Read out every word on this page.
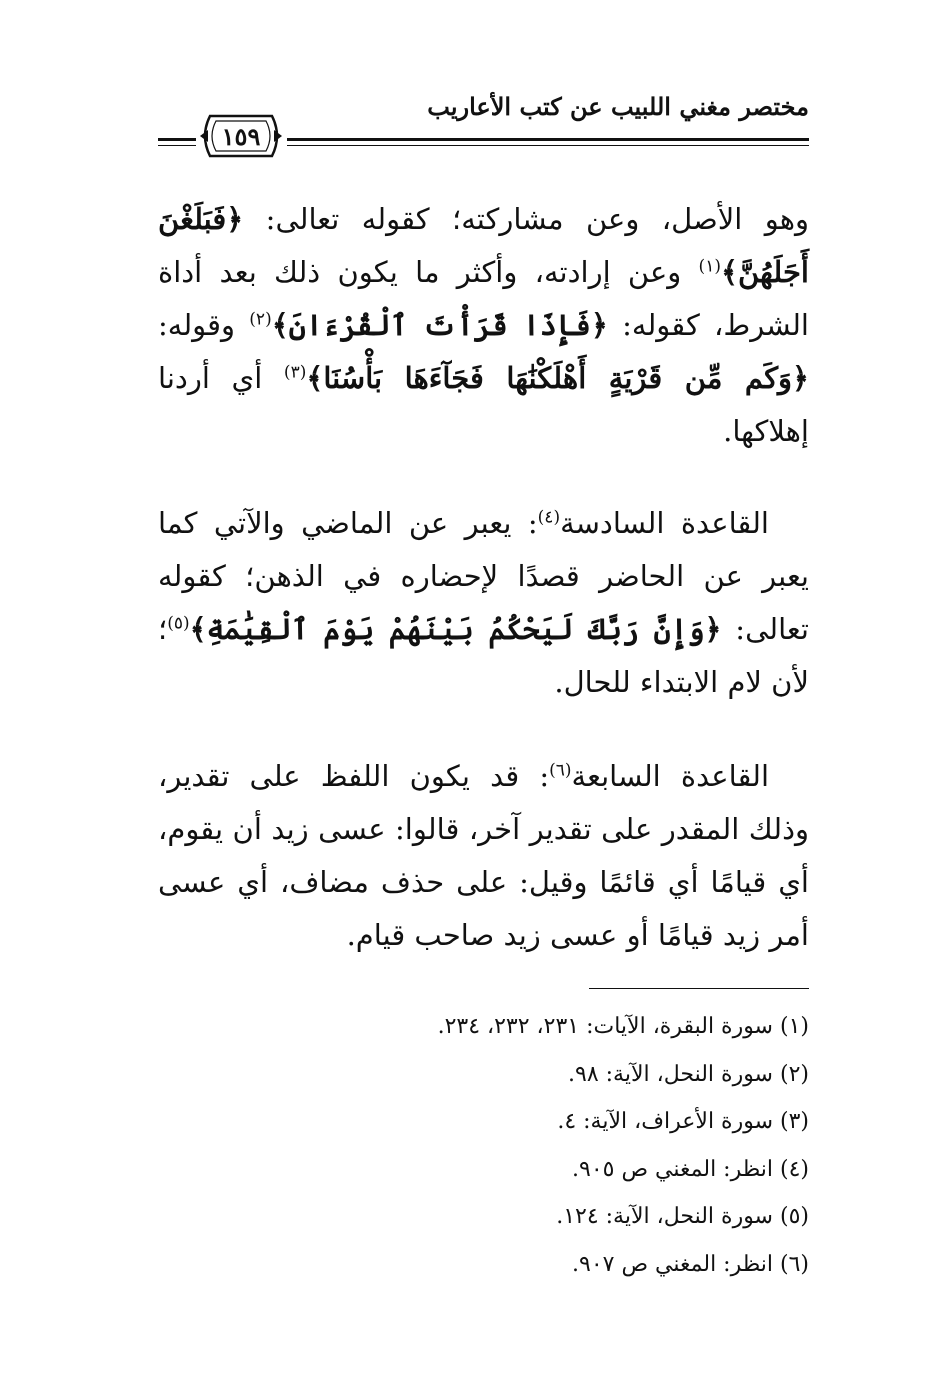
مختصر مغني اللبيب عن كتب الأعاريب
١٥٩

وهو الأصل، وعن مشاركته؛ كقوله تعالى: ﴿فَبَلَغْنَ أَجَلَهُنَّ﴾$^{(١)}$ وعن إرادته، وأكثر ما يكون ذلك بعد أداة الشرط، كقوله: ﴿فَإِذَا قَرَأْتَ ٱلْقُرْءَانَ﴾$^{(٢)}$ وقوله: ﴿وَكَم مِّن قَرْيَةٍ أَهْلَكْنَٰهَا فَجَآءَهَا بَأْسُنَا﴾$^{(٣)}$ أي أردنا إهلاكها.

القاعدة السادسة$^{(٤)}$: يعبر عن الماضي والآتي كما يعبر عن الحاضر قصدًا لإحضاره في الذهن؛ كقوله تعالى: ﴿وَإِنَّ رَبَّكَ لَيَحْكُمُ بَيْنَهُمْ يَوْمَ ٱلْقِيَٰمَةِ﴾$^{(٥)}$؛ لأن لام الابتداء للحال.

القاعدة السابعة$^{(٦)}$: قد يكون اللفظ على تقدير، وذلك المقدر على تقدير آخر، قالوا: عسى زيد أن يقوم، أي قيامًا أي قائمًا وقيل: على حذف مضاف، أي عسى أمر زيد قيامًا أو عسى زيد صاحب قيام.

(١) سورة البقرة، الآيات: ٢٣١، ٢٣٢، ٢٣٤.
(٢) سورة النحل، الآية: ٩٨.
(٣) سورة الأعراف، الآية: ٤.
(٤) انظر: المغني ص ٩٠٥.
(٥) سورة النحل، الآية: ١٢٤.
(٦) انظر: المغني ص ٩٠٧.
